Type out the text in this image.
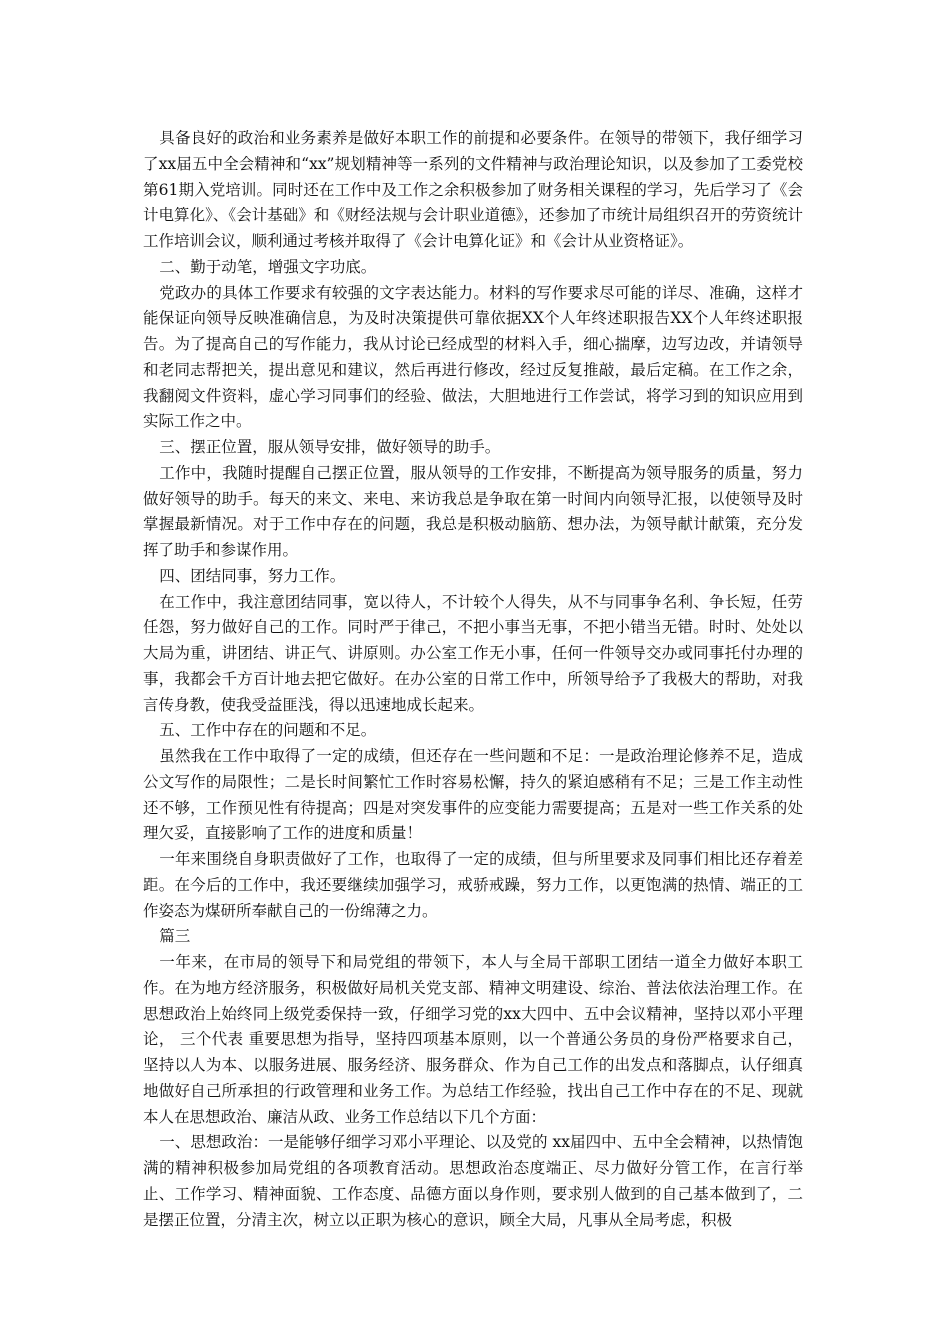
具备良好的政治和业务素养是做好本职工作的前提和必要条件。在领导的带领下，我仔细学习了xx届五中全会精神和“xx”规划精神等一系列的文件精神与政治理论知识，以及参加了工委党校第61期入党培训。同时还在工作中及工作之余积极参加了财务相关课程的学习，先后学习了《会计电算化》、《会计基础》和《财经法规与会计职业道德》，还参加了市统计局组织召开的劳资统计工作培训会议，顺利通过考核并取得了《会计电算化证》和《会计从业资格证》。

二、勤于动笔，增强文字功底。

党政办的具体工作要求有较强的文字表达能力。材料的写作要求尽可能的详尽、准确，这样才能保证向领导反映准确信息，为及时决策提供可靠依据XX个人年终述职报告XX个人年终述职报告。为了提高自己的写作能力，我从讨论已经成型的材料入手，细心揣摩，边写边改，并请领导和老同志帮把关，提出意见和建议，然后再进行修改，经过反复推敲，最后定稿。在工作之余，我翻阅文件资料，虚心学习同事们的经验、做法，大胆地进行工作尝试，将学习到的知识应用到实际工作之中。

三、摆正位置，服从领导安排，做好领导的助手。

工作中，我随时提醒自己摆正位置，服从领导的工作安排，不断提高为领导服务的质量，努力做好领导的助手。每天的来文、来电、来访我总是争取在第一时间内向领导汇报，以使领导及时掌握最新情况。对于工作中存在的问题，我总是积极动脑筋、想办法，为领导献计献策，充分发挥了助手和参谋作用。

四、团结同事，努力工作。

在工作中，我注意团结同事，宽以待人，不计较个人得失，从不与同事争名利、争长短，任劳任怨，努力做好自己的工作。同时严于律己，不把小事当无事，不把小错当无错。时时、处处以大局为重，讲团结、讲正气、讲原则。办公室工作无小事，任何一件领导交办或同事托付办理的事，我都会千方百计地去把它做好。在办公室的日常工作中，所领导给予了我极大的帮助，对我言传身教，使我受益匪浅，得以迅速地成长起来。

五、工作中存在的问题和不足。

虽然我在工作中取得了一定的成绩，但还存在一些问题和不足：一是政治理论修养不足，造成公文写作的局限性；二是长时间繁忙工作时容易松懈，持久的紧迫感稍有不足；三是工作主动性还不够，工作预见性有待提高；四是对突发事件的应变能力需要提高；五是对一些工作关系的处理欠妥，直接影响了工作的进度和质量！

一年来围绕自身职责做好了工作，也取得了一定的成绩，但与所里要求及同事们相比还存着差距。在今后的工作中，我还要继续加强学习，戒骄戒躁，努力工作，以更饱满的热情、端正的工作姿态为煤研所奉献自己的一份绵薄之力。

篇三

一年来，在市局的领导下和局党组的带领下，本人与全局干部职工团结一道全力做好本职工作。在为地方经济服务，积极做好局机关党支部、精神文明建设、综治、普法依法治理工作。在思想政治上始终同上级党委保持一致，仔细学习党的xx大四中、五中会议精神，坚持以邓小平理论， 三个代表 重要思想为指导，坚持四项基本原则，以一个普通公务员的身份严格要求自己，坚持以人为本、以服务进展、服务经济、服务群众、作为自己工作的出发点和落脚点，认仔细真地做好自己所承担的行政管理和业务工作。为总结工作经验，找出自己工作中存在的不足、现就本人在思想政治、廉洁从政、业务工作总结以下几个方面：

一、思想政治：一是能够仔细学习邓小平理论、以及党的 xx届四中、五中全会精神，以热情饱满的精神积极参加局党组的各项教育活动。思想政治态度端正、尽力做好分管工作，在言行举止、工作学习、精神面貌、工作态度、品德方面以身作则，要求别人做到的自己基本做到了，二是摆正位置，分清主次，树立以正职为核心的意识，顾全大局，凡事从全局考虑，积极
